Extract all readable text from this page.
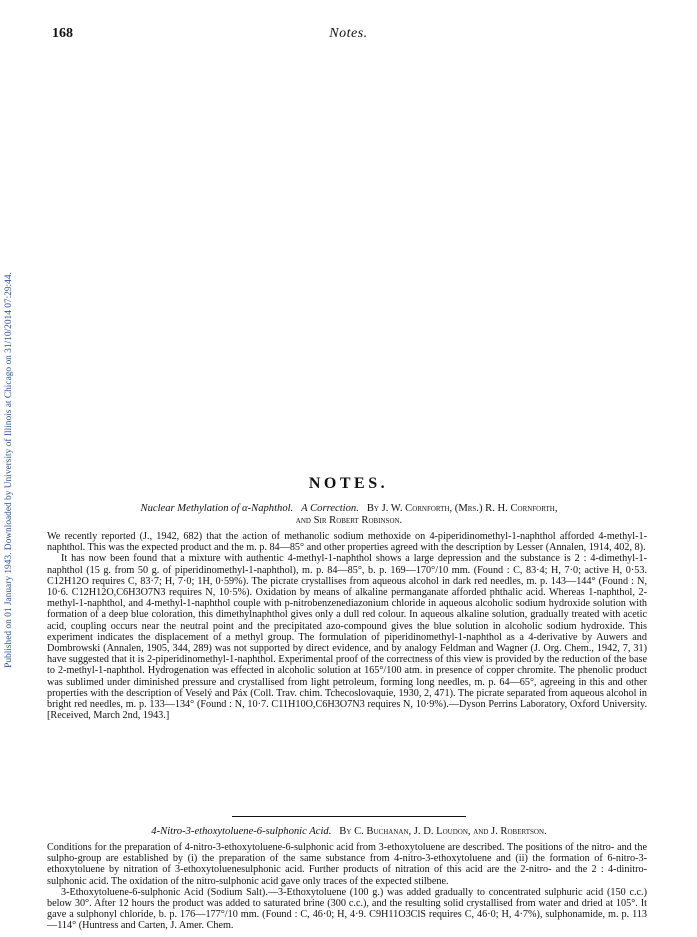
Published on 01 January 1943. Downloaded by University of Illinois at Chicago on 31/10/2014 07:29:44.
168	Notes.
NOTES.
Nuclear Methylation of α-Naphthol. A Correction. By J. W. Cornforth, (Mrs.) R. H. Cornforth,
and Sir Robert Robinson.

We recently reported (J., 1942, 682) that the action of methanolic sodium methoxide on 4-piperidinomethyl-1-naphthol afforded 4-methyl-1-naphthol. This was the expected product and the m. p. 84—85° and other properties agreed with the description by Lesser (Annalen, 1914, 402, 8).

It has now been found that a mixture with authentic 4-methyl-1-naphthol shows a large depression and the substance is 2 : 4-dimethyl-1-naphthol (15 g. from 50 g. of piperidinomethyl-1-naphthol), m. p. 84—85°, b. p. 169—170°/10 mm. (Found : C, 83·4; H, 7·0; active H, 0·53. C12H12O requires C, 83·7; H, 7·0; 1H, 0·59%). The picrate crystallises from aqueous alcohol in dark red needles, m. p. 143—144° (Found : N, 10·6. C12H12O,C6H3O7N3 requires N, 10·5%). Oxidation by means of alkaline permanganate afforded phthalic acid. Whereas 1-naphthol, 2-methyl-1-naphthol, and 4-methyl-1-naphthol couple with p-nitrobenzenediazonium chloride in aqueous alcoholic sodium hydroxide solution with formation of a deep blue coloration, this dimethylnaphthol gives only a dull red colour. In aqueous alkaline solution, gradually treated with acetic acid, coupling occurs near the neutral point and the precipitated azo-compound gives the blue solution in alcoholic sodium hydroxide. This experiment indicates the displacement of a methyl group. The formulation of piperidinomethyl-1-naphthol as a 4-derivative by Auwers and Dombrowski (Annalen, 1905, 344, 289) was not supported by direct evidence, and by analogy Feldman and Wagner (J. Org. Chem., 1942, 7, 31) have suggested that it is 2-piperidinomethyl-1-naphthol. Experimental proof of the correctness of this view is provided by the reduction of the base to 2-methyl-1-naphthol. Hydrogenation was effected in alcoholic solution at 165°/100 atm. in presence of copper chromite. The phenolic product was sublimed under diminished pressure and crystallised from light petroleum, forming long needles, m. p. 64—65°, agreeing in this and other properties with the description of Veselý and Páx (Coll. Trav. chim. Tchecoslovaquie, 1930, 2, 471). The picrate separated from aqueous alcohol in bright red needles, m. p. 133—134° (Found : N, 10·7. C11H10O,C6H3O7N3 requires N, 10·9%).—Dyson Perrins Laboratory, Oxford University. [Received, March 2nd, 1943.]

4-Nitro-3-ethoxytoluene-6-sulphonic Acid. By C. Buchanan, J. D. Loudon, and J. Robertson.

Conditions for the preparation of 4-nitro-3-ethoxytoluene-6-sulphonic acid from 3-ethoxytoluene are described. The positions of the nitro- and the sulpho-group are established by (i) the preparation of the same substance from 4-nitro-3-ethoxytoluene and (ii) the formation of 6-nitro-3-ethoxytoluene by nitration of 3-ethoxytoluenesulphonic acid. Further products of nitration of this acid are the 2-nitro- and the 2 : 4-dinitro-sulphonic acid. The oxidation of the nitro-sulphonic acid gave only traces of the expected stilbene.

3-Ethoxytoluene-6-sulphonic Acid (Sodium Salt).—3-Ethoxytoluene (100 g.) was added gradually to concentrated sulphuric acid (150 c.c.) below 30°. After 12 hours the product was added to saturated brine (300 c.c.), and the resulting solid crystallised from water and dried at 105°. It gave a sulphonyl chloride, b. p. 176—177°/10 mm. (Found : C, 46·0; H, 4·9. C9H11O3ClS requires C, 46·0; H, 4·7%), sulphonamide, m. p. 113—114° (Huntress and Carten, J. Amer. Chem.
